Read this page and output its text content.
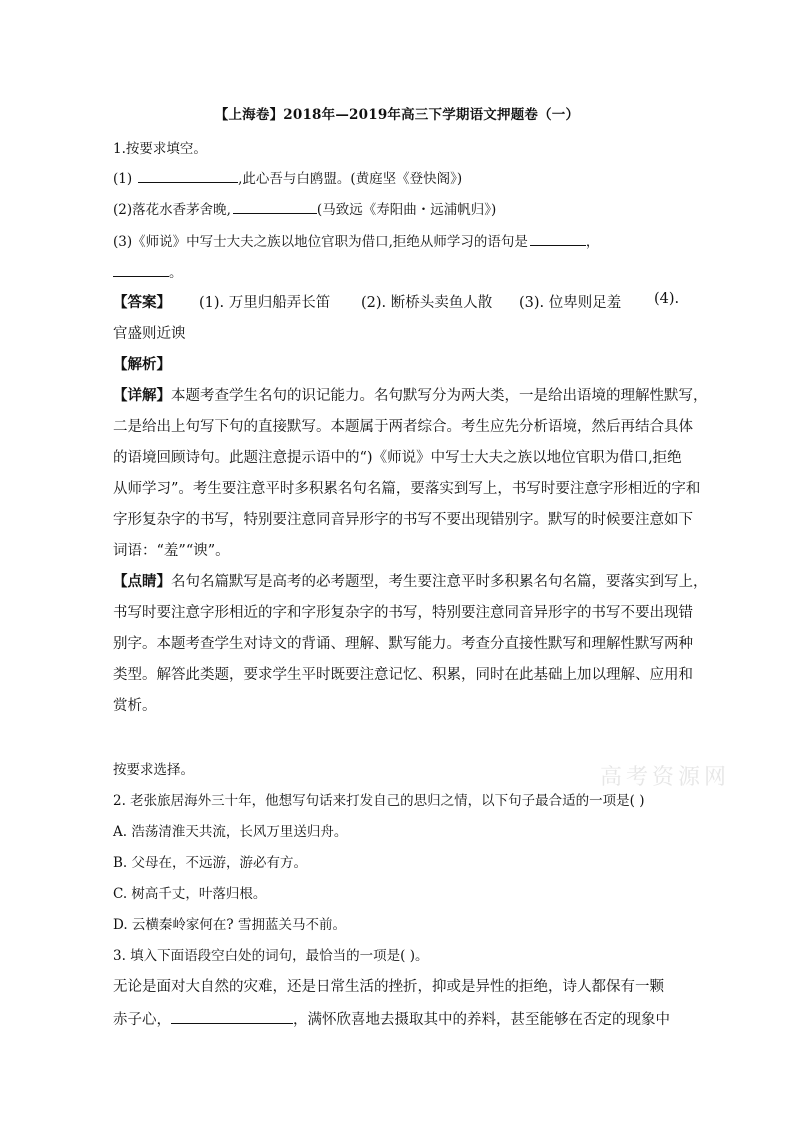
【上海卷】2018年—2019年高三下学期语文押题卷（一）
1.按要求填空。
(1)	,此心吾与白鸥盟。(黄庭坚《登快阁》)
(2)落花水香茅舍晚,	(马致远《寿阳曲・远浦帆归》)
(3)《师说》中写士大夫之族以地位官职为借口,拒绝从师学习的语句是	，
。
【答案】 (1). 万里归船弄长笛 (2). 断桥头卖鱼人散 (3). 位卑则足羞 (4).
官盛则近谀
【解析】
【详解】本题考查学生名句的识记能力。名句默写分为两大类，一是给出语境的理解性默写，
二是给出上句写下句的直接默写。本题属于两者综合。考生应先分析语境，然后再结合具体
的语境回顾诗句。此题注意提示语中的“)《师说》中写士大夫之族以地位官职为借口,拒绝
从师学习”。考生要注意平时多积累名句名篇，要落实到写上，书写时要注意字形相近的字和
字形复杂字的书写，特别要注意同音异形字的书写不要出现错别字。默写的时候要注意如下
词语：“羞”“谀”。
【点睛】名句名篇默写是高考的必考题型，考生要注意平时多积累名句名篇，要落实到写上，
书写时要注意字形相近的字和字形复杂字的书写，特别要注意同音异形字的书写不要出现错
别字。本题考查学生对诗文的背诵、理解、默写能力。考查分直接性默写和理解性默写两种
类型。解答此类题，要求学生平时既要注意记忆、积累，同时在此基础上加以理解、应用和
赏析。
按要求选择。	高考资源网
2. 老张旅居海外三十年，他想写句话来打发自己的思归之情，以下句子最合适的一项是( )
A. 浩荡清淮天共流，长风万里送归舟。
B. 父母在，不远游，游必有方。
C. 树高千丈，叶落归根。
D. 云横秦岭家何在? 雪拥蓝关马不前。
3. 填入下面语段空白处的词句，最恰当的一项是( )。
无论是面对大自然的灾难，还是日常生活的挫折，抑或是异性的拒绝，诗人都保有一颗
赤子心，	，满怀欣喜地去摄取其中的养料，甚至能够在否定的现象中
